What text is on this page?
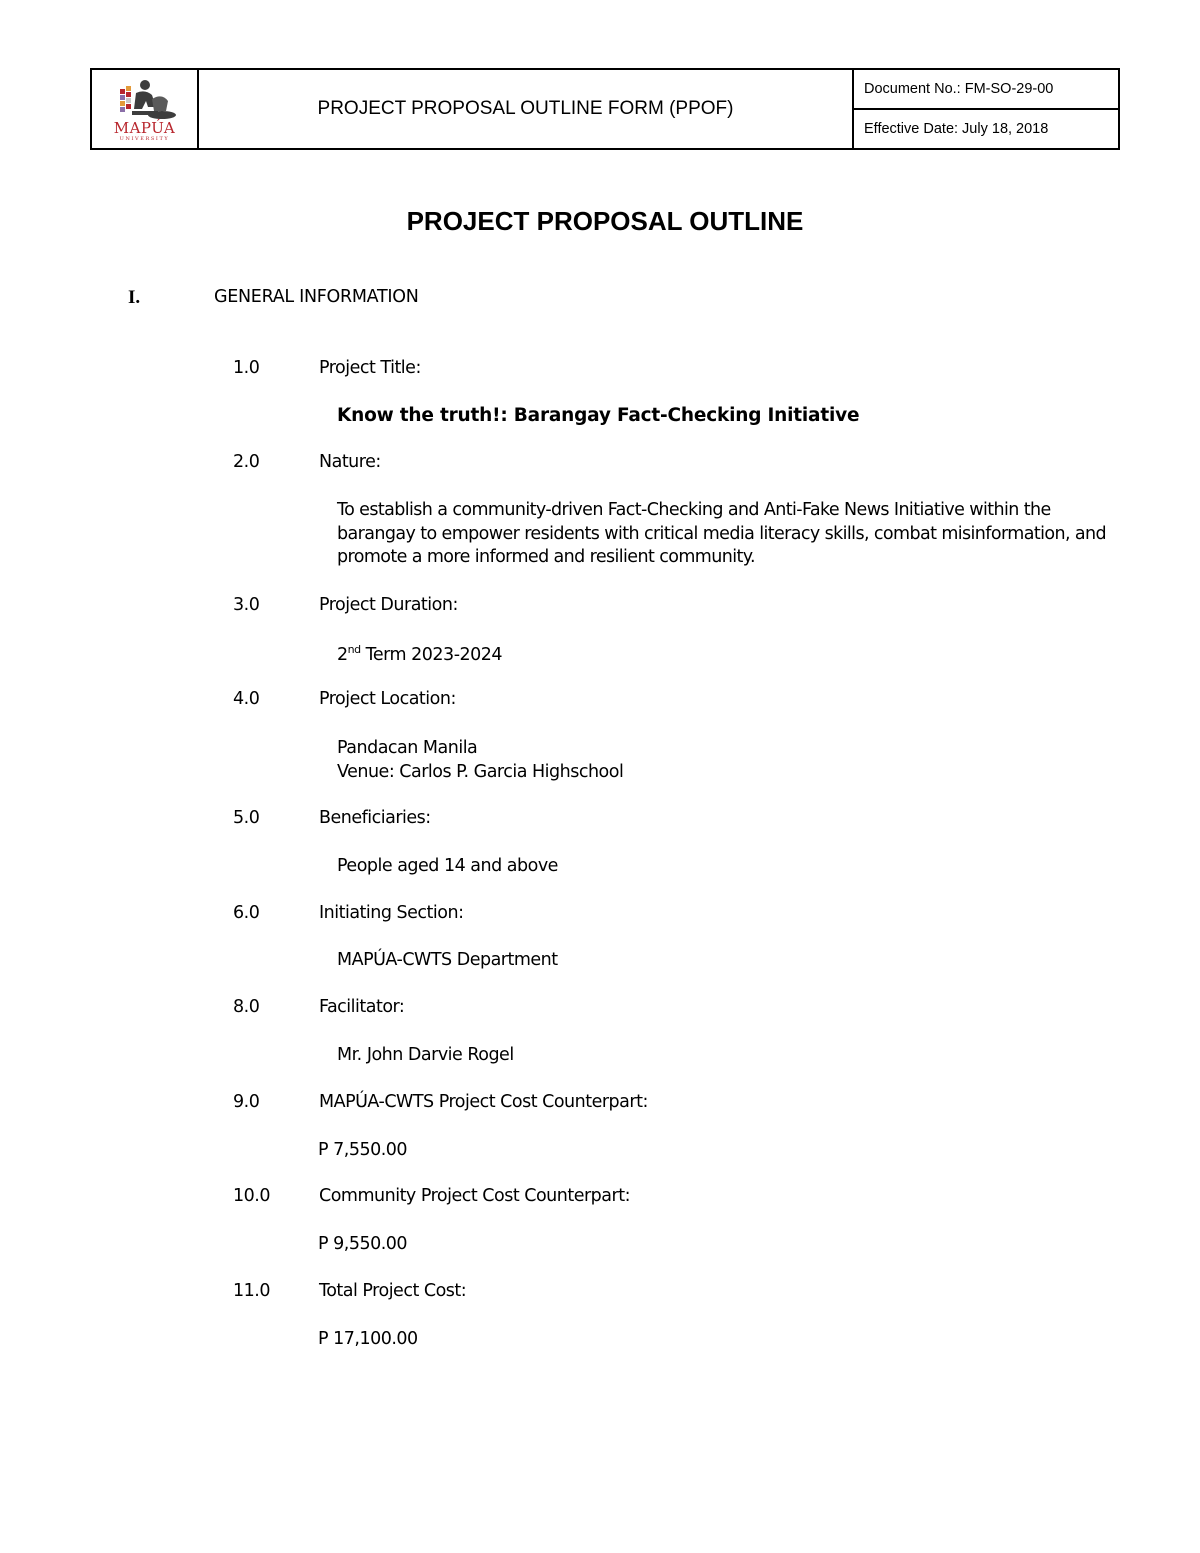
MAPÚA
UNIVERSITY
PROJECT PROPOSAL OUTLINE FORM (PPOF)
Document No.: FM-SO-29-00
Effective Date: July 18, 2018
PROJECT PROPOSAL OUTLINE
I.	GENERAL INFORMATION
1.0	Project Title:
Know the truth!: Barangay Fact-Checking Initiative
2.0	Nature:
To establish a community-driven Fact-Checking and Anti-Fake News Initiative within the barangay to empower residents with critical media literacy skills, combat misinformation, and promote a more informed and resilient community.
3.0	Project Duration:
2nd Term 2023-2024
4.0	Project Location:
Pandacan Manila
Venue: Carlos P. Garcia Highschool
5.0	Beneficiaries:
People aged 14 and above
6.0	Initiating Section:
MAPÚA-CWTS Department
8.0	Facilitator:
Mr. John Darvie Rogel
9.0	MAPÚA-CWTS Project Cost Counterpart:
P 7,550.00
10.0	Community Project Cost Counterpart:
P 9,550.00
11.0	Total Project Cost:
P 17,100.00
